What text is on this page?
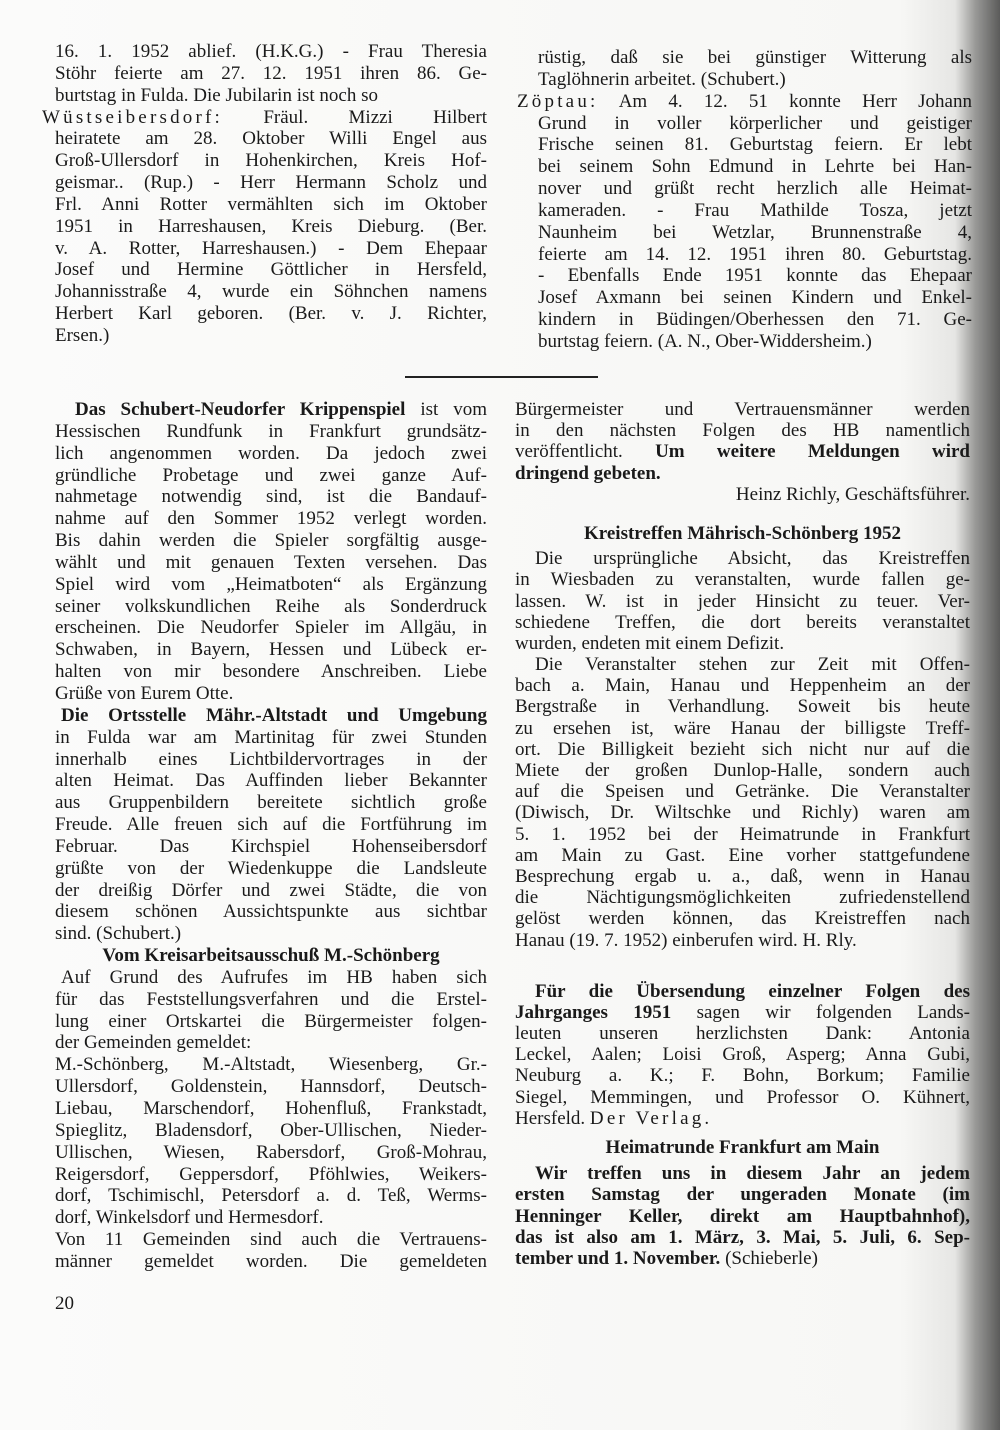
16. 1. 1952 ablief. (H.K.G.) - Frau Theresia
Stöhr feierte am 27. 12. 1951 ihren 86. Ge-
burtstag in Fulda. Die Jubilarin ist noch so
Wüstseibersdorf: Fräul. Mizzi Hilbert
heiratete am 28. Oktober Willi Engel aus
Groß-Ullersdorf in Hohenkirchen, Kreis Hof-
geismar.. (Rup.) - Herr Hermann Scholz und
Frl. Anni Rotter vermählten sich im Oktober
1951 in Harreshausen, Kreis Dieburg. (Ber.
v. A. Rotter, Harreshausen.) - Dem Ehepaar
Josef und Hermine Göttlicher in Hersfeld,
Johannisstraße 4, wurde ein Söhnchen namens
Herbert Karl geboren. (Ber. v. J. Richter,
Ersen.)
rüstig, daß sie bei günstiger Witterung als
Taglöhnerin arbeitet. (Schubert.)
Zöptau: Am 4. 12. 51 konnte Herr Johann
Grund in voller körperlicher und geistiger
Frische seinen 81. Geburtstag feiern. Er lebt
bei seinem Sohn Edmund in Lehrte bei Han-
nover und grüßt recht herzlich alle Heimat-
kameraden. - Frau Mathilde Tosza, jetzt
Naunheim bei Wetzlar, Brunnenstraße 4,
feierte am 14. 12. 1951 ihren 80. Geburtstag.
- Ebenfalls Ende 1951 konnte das Ehepaar
Josef Axmann bei seinen Kindern und Enkel-
kindern in Büdingen/Oberhessen den 71. Ge-
burtstag feiern. (A. N., Ober-Widdersheim.)
Das Schubert-Neudorfer Krippenspiel ist vom
Hessischen Rundfunk in Frankfurt grundsätz-
lich angenommen worden. Da jedoch zwei
gründliche Probetage und zwei ganze Auf-
nahmetage notwendig sind, ist die Bandauf-
nahme auf den Sommer 1952 verlegt worden.
Bis dahin werden die Spieler sorgfältig ausge-
wählt und mit genauen Texten versehen. Das
Spiel wird vom „Heimatboten“ als Ergänzung
seiner volkskundlichen Reihe als Sonderdruck
erscheinen. Die Neudorfer Spieler im Allgäu, in
Schwaben, in Bayern, Hessen und Lübeck er-
halten von mir besondere Anschreiben. Liebe
Grüße von Eurem Otte.
Die Ortsstelle Mähr.-Altstadt und Umgebung
in Fulda war am Martinitag für zwei Stunden
innerhalb eines Lichtbildervortrages in der
alten Heimat. Das Auffinden lieber Bekannter
aus Gruppenbildern bereitete sichtlich große
Freude. Alle freuen sich auf die Fortführung im
Februar. Das Kirchspiel Hohenseibersdorf
grüßte von der Wiedenkuppe die Landsleute
der dreißig Dörfer und zwei Städte, die von
diesem schönen Aussichtspunkte aus sichtbar
sind. (Schubert.)
Vom Kreisarbeitsausschuß M.-Schönberg
Auf Grund des Aufrufes im HB haben sich
für das Feststellungsverfahren und die Erstel-
lung einer Ortskartei die Bürgermeister folgen-
der Gemeinden gemeldet:
M.-Schönberg, M.-Altstadt, Wiesenberg, Gr.-
Ullersdorf, Goldenstein, Hannsdorf, Deutsch-
Liebau, Marschendorf, Hohenfluß, Frankstadt,
Spieglitz, Bladensdorf, Ober-Ullischen, Nieder-
Ullischen, Wiesen, Rabersdorf, Groß-Mohrau,
Reigersdorf, Geppersdorf, Pföhlwies, Weikers-
dorf, Tschimischl, Petersdorf a. d. Teß, Werms-
dorf, Winkelsdorf und Hermesdorf.
Von 11 Gemeinden sind auch die Vertrauens-
männer gemeldet worden. Die gemeldeten
Bürgermeister und Vertrauensmänner werden
in den nächsten Folgen des HB namentlich
veröffentlicht. Um weitere Meldungen wird
dringend gebeten.
Heinz Richly, Geschäftsführer.
Kreistreffen Mährisch-Schönberg 1952
Die ursprüngliche Absicht, das Kreistreffen
in Wiesbaden zu veranstalten, wurde fallen ge-
lassen. W. ist in jeder Hinsicht zu teuer. Ver-
schiedene Treffen, die dort bereits veranstaltet
wurden, endeten mit einem Defizit.
Die Veranstalter stehen zur Zeit mit Offen-
bach a. Main, Hanau und Heppenheim an der
Bergstraße in Verhandlung. Soweit bis heute
zu ersehen ist, wäre Hanau der billigste Treff-
ort. Die Billigkeit bezieht sich nicht nur auf die
Miete der großen Dunlop-Halle, sondern auch
auf die Speisen und Getränke. Die Veranstalter
(Diwisch, Dr. Wiltschke und Richly) waren am
5. 1. 1952 bei der Heimatrunde in Frankfurt
am Main zu Gast. Eine vorher stattgefundene
Besprechung ergab u. a., daß, wenn in Hanau
die Nächtigungsmöglichkeiten zufriedenstellend
gelöst werden können, das Kreistreffen nach
Hanau (19. 7. 1952) einberufen wird. H. Rly.
Für die Übersendung einzelner Folgen des
Jahrganges 1951 sagen wir folgenden Lands-
leuten unseren herzlichsten Dank: Antonia
Leckel, Aalen; Loisi Groß, Asperg; Anna Gubi,
Neuburg a. K.; F. Bohn, Borkum; Familie
Siegel, Memmingen, und Professor O. Kühnert,
Hersfeld. Der Verlag.
Heimatrunde Frankfurt am Main
Wir treffen uns in diesem Jahr an jedem
ersten Samstag der ungeraden Monate (im
Henninger Keller, direkt am Hauptbahnhof),
das ist also am 1. März, 3. Mai, 5. Juli, 6. Sep-
tember und 1. November. (Schieberle)
20
